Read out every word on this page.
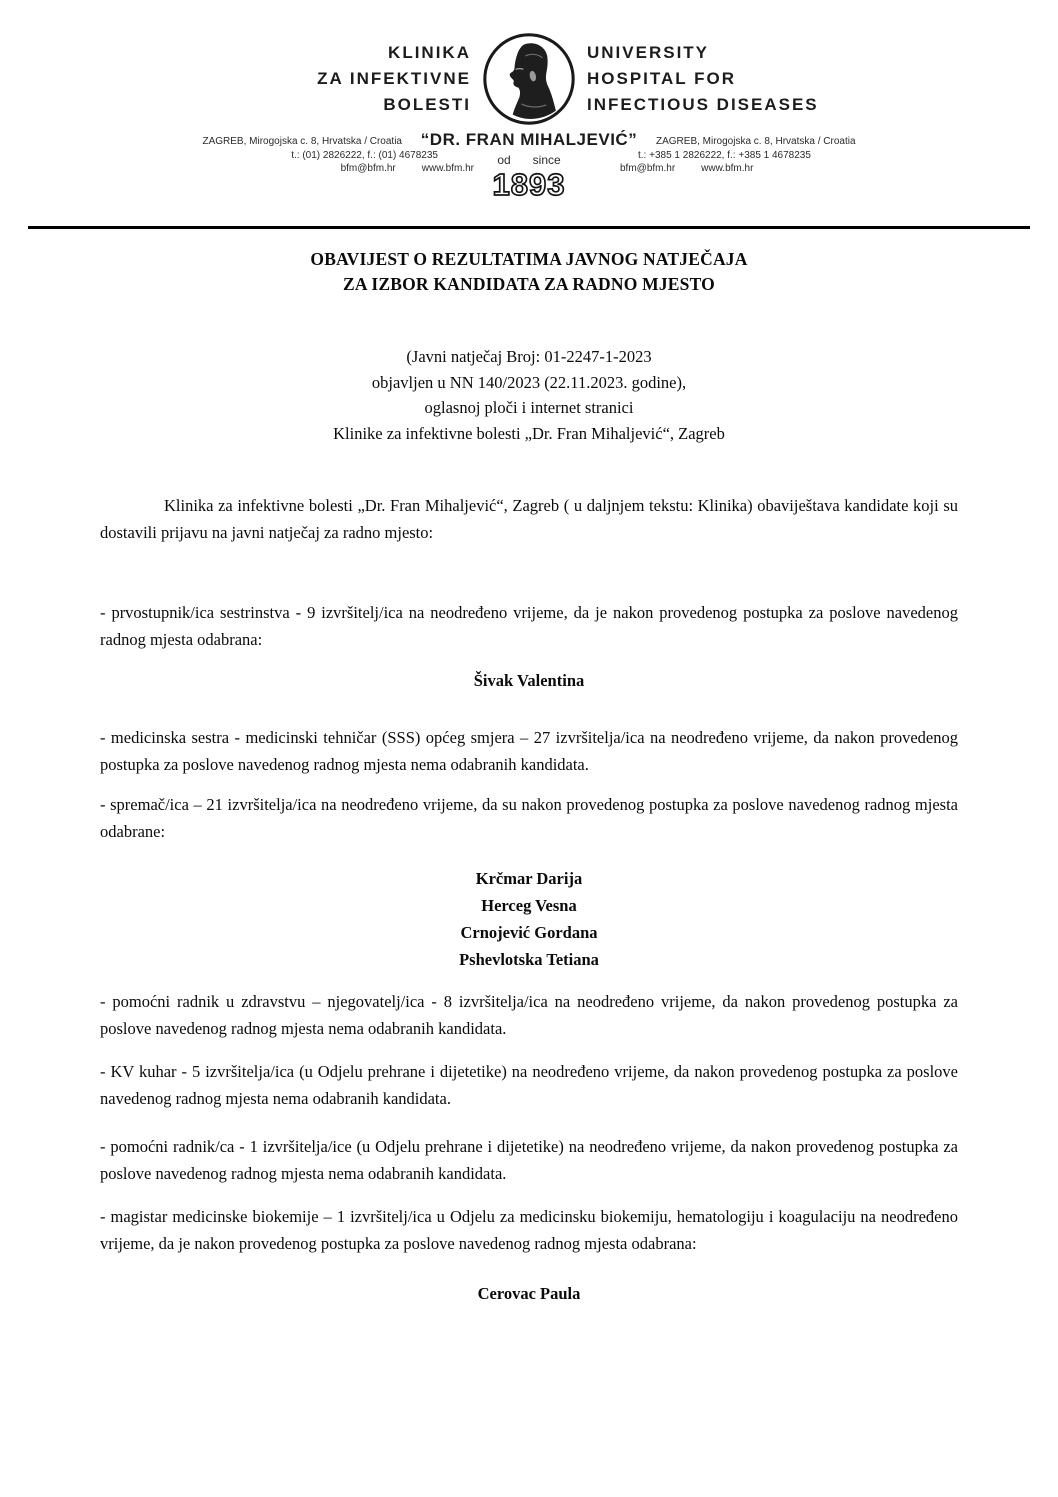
KLINIKA
ZA INFEKTIVNE
BOLESTI
UNIVERSITY
HOSPITAL FOR
INFECTIOUS DISEASES
ZAGREB, Mirogojska c. 8, Hrvatska / Croatia
t.: (01) 2826222, f.: (01) 4678235
bfm@bfm.hr	www.bfm.hr
“DR. FRAN MIHALJEVIĆ”
od since
1893
ZAGREB, Mirogojska c. 8, Hrvatska / Croatia
t.: +385 1 2826222, f.: +385 1 4678235
bfm@bfm.hr	www.bfm.hr
OBAVIJEST O REZULTATIMA JAVNOG NATJEČAJA
ZA IZBOR KANDIDATA ZA RADNO MJESTO
(Javni natječaj Broj: 01-2247-1-2023
objavljen u NN 140/2023 (22.11.2023. godine),
oglasnoj ploči i internet stranici
Klinike za infektivne bolesti „Dr. Fran Mihaljević“, Zagreb

Klinika za infektivne bolesti „Dr. Fran Mihaljević“, Zagreb ( u daljnjem tekstu: Klinika) obaviještava kandidate koji su dostavili prijavu na javni natječaj za radno mjesto:

- prvostupnik/ica sestrinstva - 9 izvršitelj/ica na neodređeno vrijeme, da je nakon provedenog postupka za poslove navedenog radnog mjesta odabrana:

Šivak Valentina

- medicinska sestra - medicinski tehničar (SSS) općeg smjera – 27 izvršitelja/ica na neodređeno vrijeme, da nakon provedenog postupka za poslove navedenog radnog mjesta nema odabranih kandidata.

- spremač/ica – 21 izvršitelja/ica na neodređeno vrijeme, da su nakon provedenog postupka za poslove navedenog radnog mjesta odabrane:

Krčmar Darija
Herceg Vesna
Crnojević Gordana
Pshevlotska Tetiana

- pomoćni radnik u zdravstvu – njegovatelj/ica - 8 izvršitelja/ica na neodređeno vrijeme, da nakon provedenog postupka za poslove navedenog radnog mjesta nema odabranih kandidata.

- KV kuhar - 5 izvršitelja/ica (u Odjelu prehrane i dijetetike) na neodređeno vrijeme, da nakon provedenog postupka za poslove navedenog radnog mjesta nema odabranih kandidata.

- pomoćni radnik/ca - 1 izvršitelja/ice (u Odjelu prehrane i dijetetike) na neodređeno vrijeme, da nakon provedenog postupka za poslove navedenog radnog mjesta nema odabranih kandidata.

- magistar medicinske biokemije – 1 izvršitelj/ica u Odjelu za medicinsku biokemiju, hematologiju i koagulaciju na neodređeno vrijeme, da je nakon provedenog postupka za poslove navedenog radnog mjesta odabrana:

Cerovac Paula
